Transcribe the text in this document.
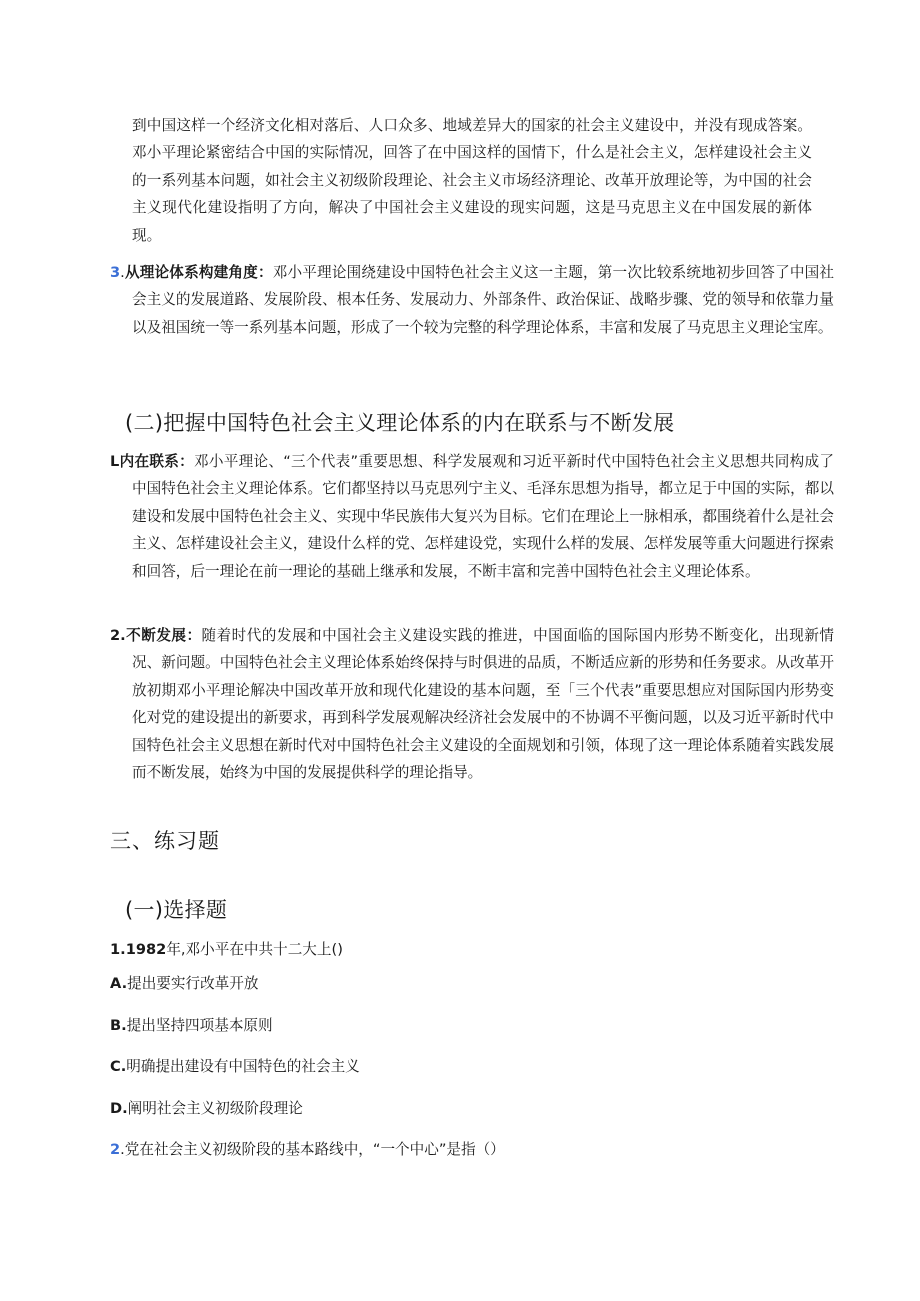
到中国这样一个经济文化相对落后、人口众多、地域差异大的国家的社会主义建设中，并没有现成答案。邓小平理论紧密结合中国的实际情况，回答了在中国这样的国情下，什么是社会主义，怎样建设社会主义的一系列基本问题，如社会主义初级阶段理论、社会主义市场经济理论、改革开放理论等，为中国的社会主义现代化建设指明了方向，解决了中国社会主义建设的现实问题，这是马克思主义在中国发展的新体现。

3.从理论体系构建角度：邓小平理论围绕建设中国特色社会主义这一主题，第一次比较系统地初步回答了中国社会主义的发展道路、发展阶段、根本任务、发展动力、外部条件、政治保证、战略步骤、党的领导和依靠力量以及祖国统一等一系列基本问题，形成了一个较为完整的科学理论体系，丰富和发展了马克思主义理论宝库。

(二)把握中国特色社会主义理论体系的内在联系与不断发展

L内在联系：邓小平理论、“三个代表”重要思想、科学发展观和习近平新时代中国特色社会主义思想共同构成了中国特色社会主义理论体系。它们都坚持以马克思列宁主义、毛泽东思想为指导，都立足于中国的实际，都以建设和发展中国特色社会主义、实现中华民族伟大复兴为目标。它们在理论上一脉相承，都围绕着什么是社会主义、怎样建设社会主义，建设什么样的党、怎样建设党，实现什么样的发展、怎样发展等重大问题进行探索和回答，后一理论在前一理论的基础上继承和发展，不断丰富和完善中国特色社会主义理论体系。

2.不断发展：随着时代的发展和中国社会主义建设实践的推进，中国面临的国际国内形势不断变化，出现新情况、新问题。中国特色社会主义理论体系始终保持与时俱进的品质，不断适应新的形势和任务要求。从改革开放初期邓小平理论解决中国改革开放和现代化建设的基本问题，至「三个代表”重要思想应对国际国内形势变化对党的建设提出的新要求，再到科学发展观解决经济社会发展中的不协调不平衡问题，以及习近平新时代中国特色社会主义思想在新时代对中国特色社会主义建设的全面规划和引领，体现了这一理论体系随着实践发展而不断发展，始终为中国的发展提供科学的理论指导。

三、练习题
(一)选择题

1.1982年,邓小平在中共十二大上()

A.提出要实行改革开放

B.提出坚持四项基本原则

C.明确提出建设有中国特色的社会主义

D.阐明社会主义初级阶段理论

2.党在社会主义初级阶段的基本路线中，“一个中心”是指（）
